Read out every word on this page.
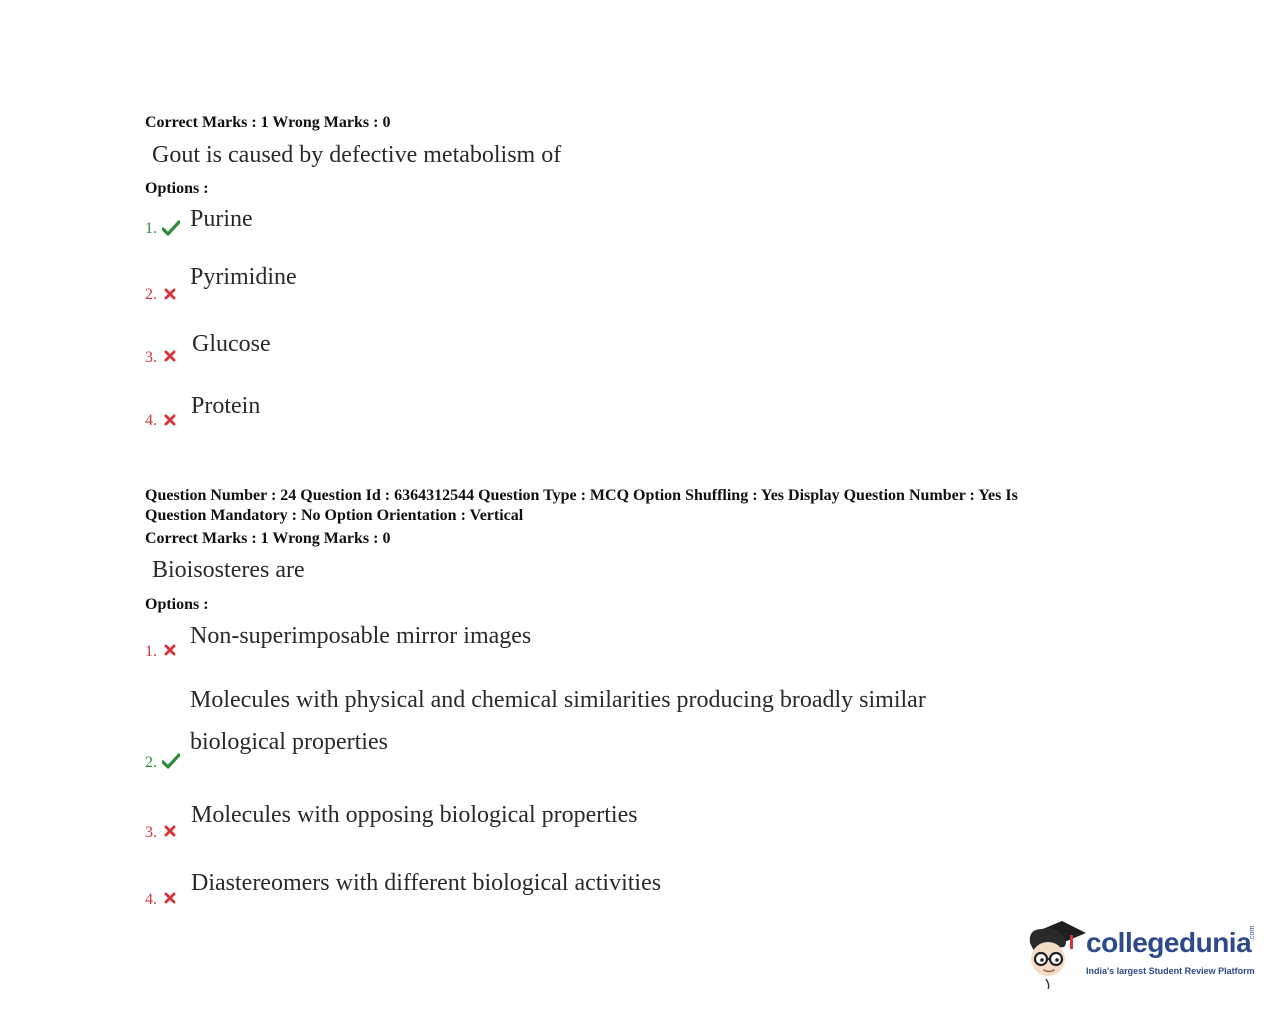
Correct Marks : 1 Wrong Marks : 0
Gout is caused by defective metabolism of
Options :
1. Purine
2.
Pyrimidine
3.
Glucose
4.
Protein
Question Number : 24 Question Id : 6364312544 Question Type : MCQ Option Shuffling : Yes Display Question Number : Yes Is
Question Mandatory : No Option Orientation : Vertical
Correct Marks : 1 Wrong Marks : 0
Bioisosteres are
Options :
1.
Non-superimposable mirror images
Molecules with physical and chemical similarities producing broadly similar
biological properties
2.
3.
Molecules with opposing biological properties
4.
Diastereomers with different biological activities
collegedunia
.com
India's largest Student Review Platform
